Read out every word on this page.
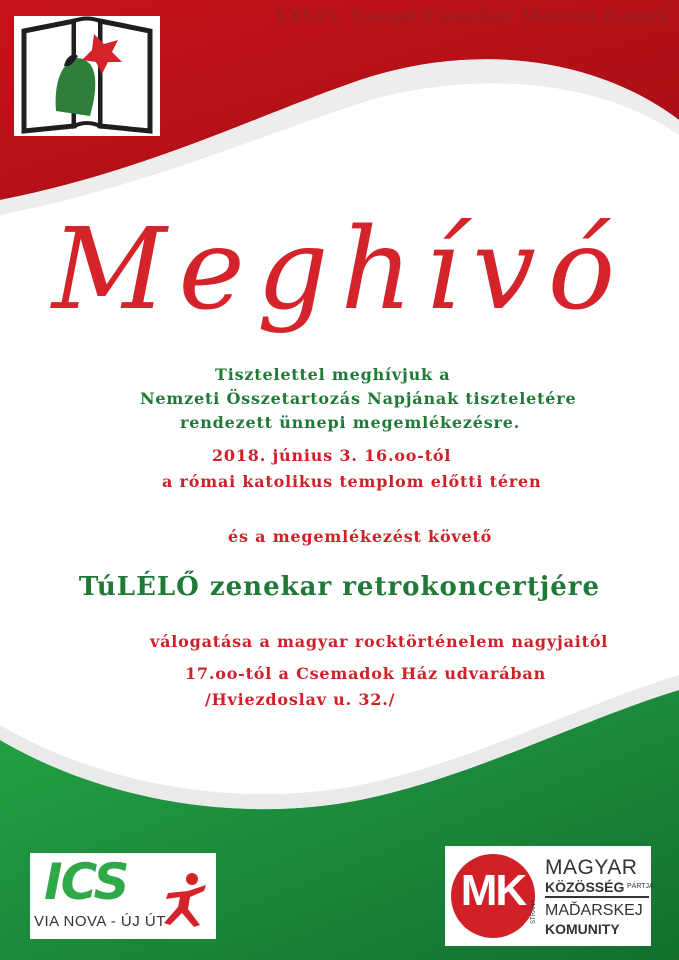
XXXIX. Szepsi Csombor Márton Napok
Meghívó
Tisztelettel meghívjuk a
Nemzeti Összetartozás Napjának tiszteletére
rendezett ünnepi megemlékezésre.
2018. június 3. 16.oo-tól
a római katolikus templom előtti téren
és a megemlékezést követő
TúLÉLŐ zenekar retrokoncertjére
válogatása a magyar rocktörténelem nagyjaitól
17.oo-tól a Csemadok Ház udvarában
/Hviezdoslav u. 32./
ICS
VIA NOVA - ÚJ ÚT
MK MAGYAR
KÖZÖSSÉG PÁRTJA
STRANA MAĎARSKEJ
KOMUNITY
